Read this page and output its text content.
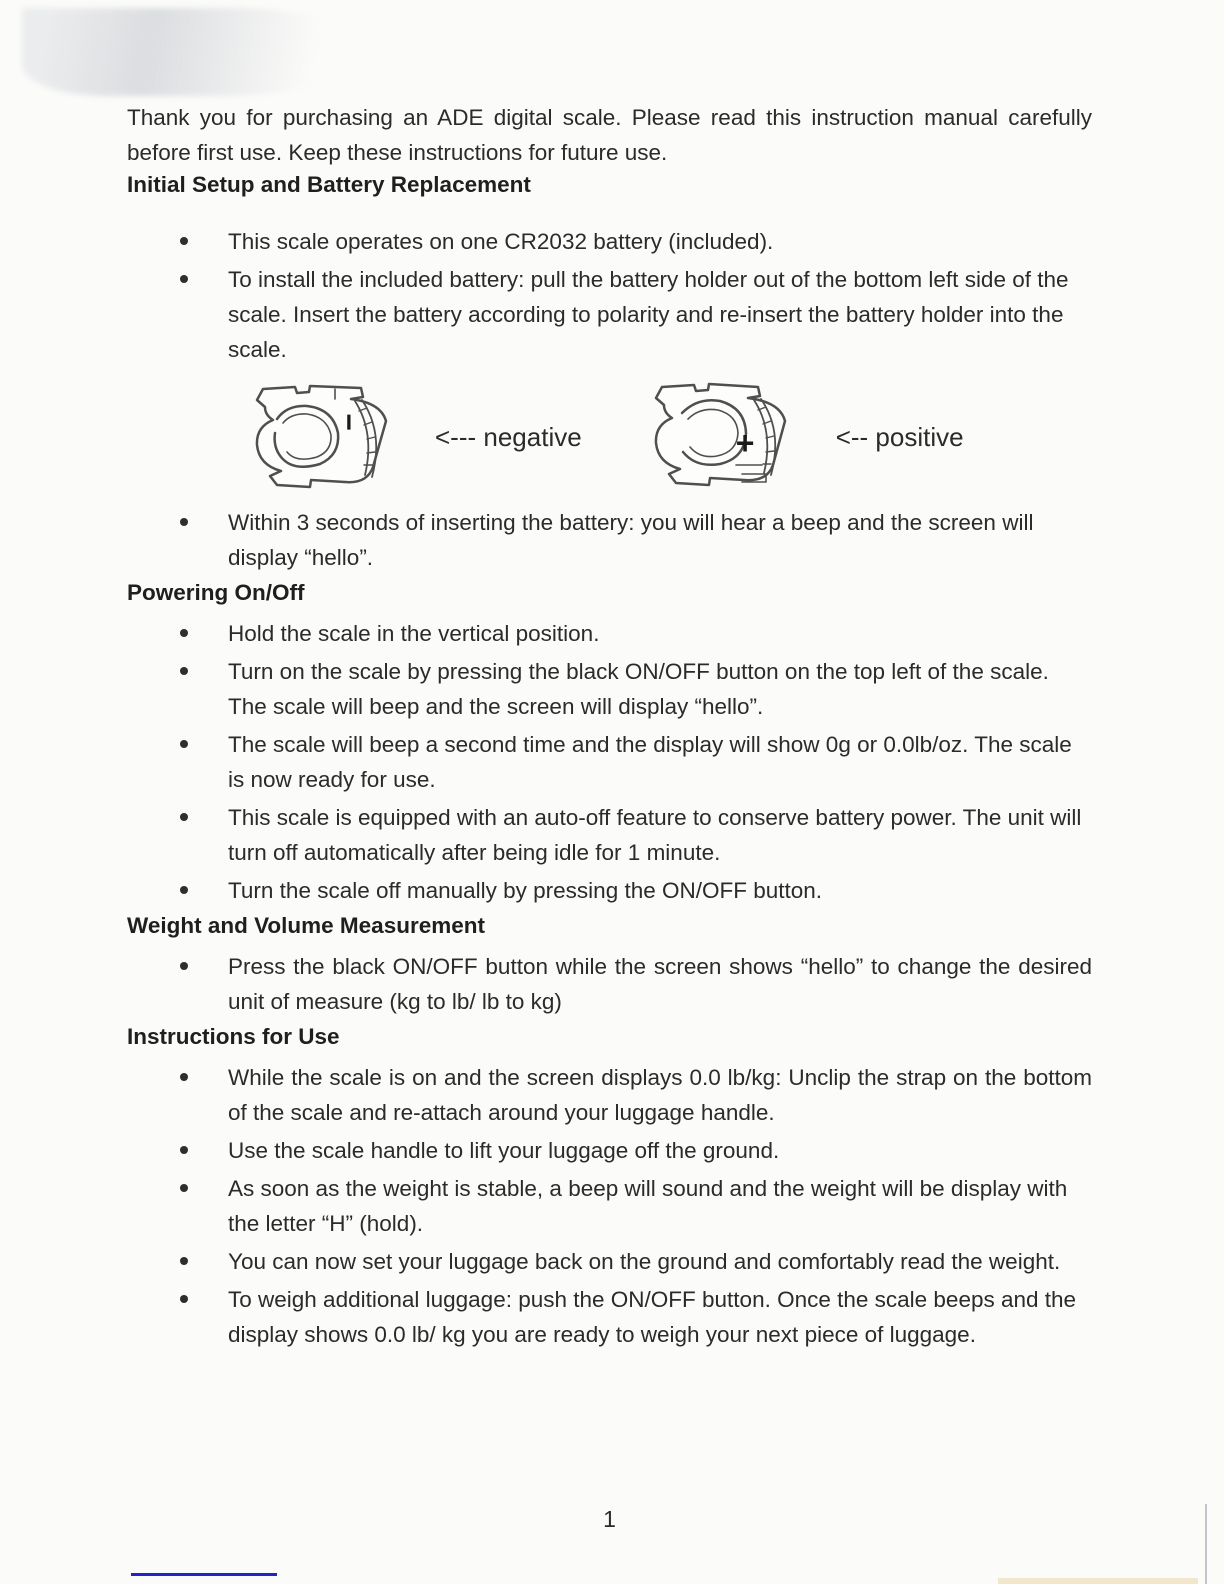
Thank you for purchasing an ADE digital scale. Please read this instruction manual carefully before first use. Keep these instructions for future use.

Initial Setup and Battery Replacement
This scale operates on one CR2032 battery (included).
To install the included battery: pull the battery holder out of the bottom left side of the scale. Insert the battery according to polarity and re-insert the battery holder into the scale.
−	<--- negative	+	<-- positive
Within 3 seconds of inserting the battery: you will hear a beep and the screen will display “hello”.
Powering On/Off
Hold the scale in the vertical position.
Turn on the scale by pressing the black ON/OFF button on the top left of the scale. The scale will beep and the screen will display “hello”.
The scale will beep a second time and the display will show 0g or 0.0lb/oz. The scale is now ready for use.
This scale is equipped with an auto-off feature to conserve battery power. The unit will turn off automatically after being idle for 1 minute.
Turn the scale off manually by pressing the ON/OFF button.
Weight and Volume Measurement
Press the black ON/OFF button while the screen shows “hello” to change the desired unit of measure (kg to lb/ lb to kg)
Instructions for Use
While the scale is on and the screen displays 0.0 lb/kg: Unclip the strap on the bottom of the scale and re-attach around your luggage handle.
Use the scale handle to lift your luggage off the ground.
As soon as the weight is stable, a beep will sound and the weight will be display with the letter “H” (hold).
You can now set your luggage back on the ground and comfortably read the weight.
To weigh additional luggage: push the ON/OFF button. Once the scale beeps and the display shows 0.0 lb/ kg you are ready to weigh your next piece of luggage.
1
